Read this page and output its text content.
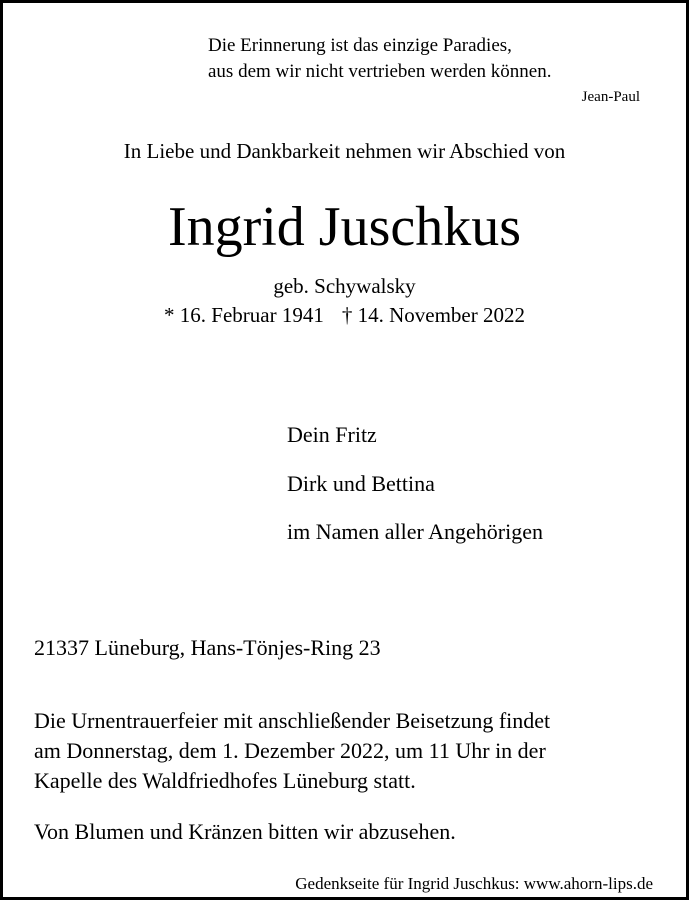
Die Erinnerung ist das einzige Paradies,
aus dem wir nicht vertrieben werden können.
Jean-Paul
In Liebe und Dankbarkeit nehmen wir Abschied von
Ingrid Juschkus
geb. Schywalsky
* 16. Februar 1941 † 14. November 2022
Dein Fritz
Dirk und Bettina
im Namen aller Angehörigen
21337 Lüneburg, Hans-Tönjes-Ring 23
Die Urnentrauerfeier mit anschließender Beisetzung findet
am Donnerstag, dem 1. Dezember 2022, um 11 Uhr in der
Kapelle des Waldfriedhofes Lüneburg statt.
Von Blumen und Kränzen bitten wir abzusehen.
Gedenkseite für Ingrid Juschkus: www.ahorn-lips.de
